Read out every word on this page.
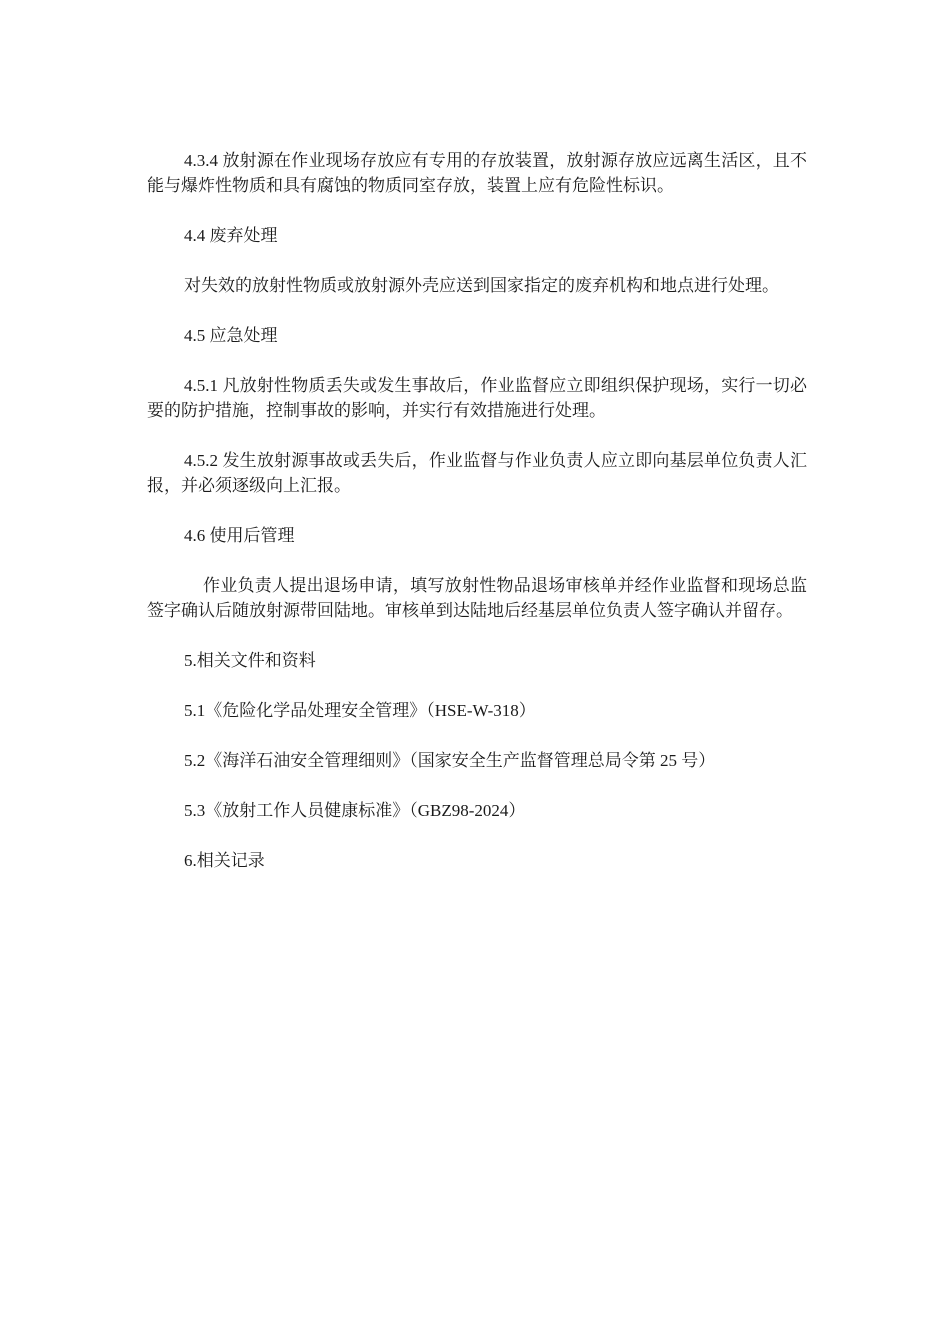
4.3.4 放射源在作业现场存放应有专用的存放装置，放射源存放应远离生活区，且不能与爆炸性物质和具有腐蚀的物质同室存放，装置上应有危险性标识。

4.4 废弃处理

对失效的放射性物质或放射源外壳应送到国家指定的废弃机构和地点进行处理。

4.5 应急处理

4.5.1 凡放射性物质丢失或发生事故后，作业监督应立即组织保护现场，实行一切必要的防护措施，控制事故的影响，并实行有效措施进行处理。

4.5.2 发生放射源事故或丢失后，作业监督与作业负责人应立即向基层单位负责人汇报，并必须逐级向上汇报。

4.6 使用后管理

作业负责人提出退场申请，填写放射性物品退场审核单并经作业监督和现场总监签字确认后随放射源带回陆地。审核单到达陆地后经基层单位负责人签字确认并留存。

5.相关文件和资料

5.1《危险化学品处理安全管理》（HSE-W-318）

5.2《海洋石油安全管理细则》（国家安全生产监督管理总局令第 25 号）

5.3《放射工作人员健康标准》（GBZ98-2024）

6.相关记录
